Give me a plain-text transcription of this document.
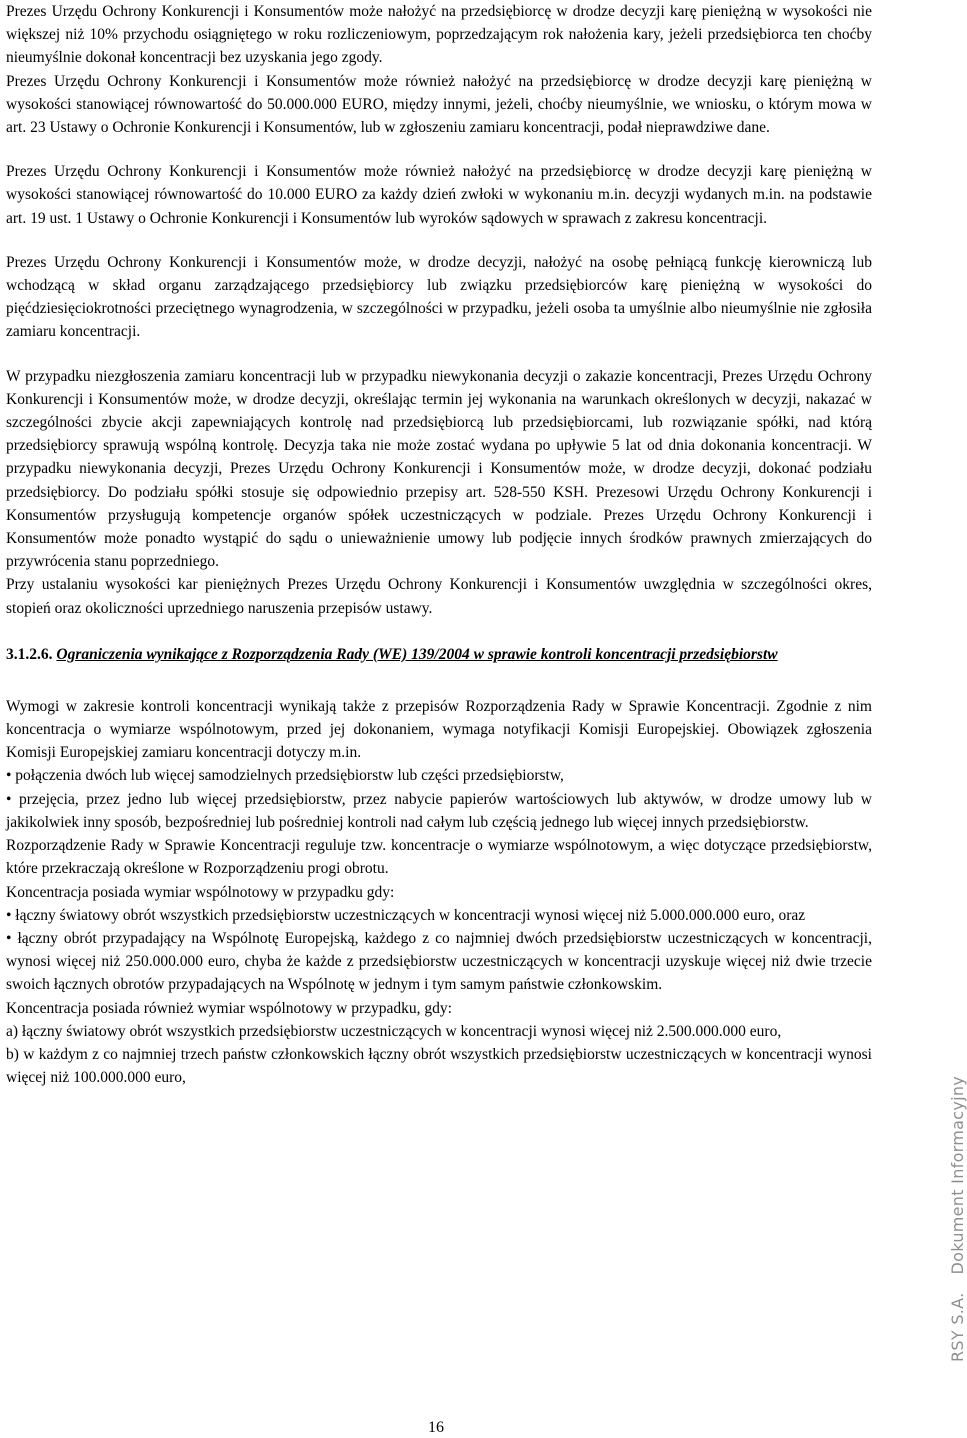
Prezes Urzędu Ochrony Konkurencji i Konsumentów może nałożyć na przedsiębiorcę w drodze decyzji karę pieniężną w wysokości nie większej niż 10% przychodu osiągniętego w roku rozliczeniowym, poprzedzającym rok nałożenia kary, jeżeli przedsiębiorca ten choćby nieumyślnie dokonał koncentracji bez uzyskania jego zgody.

Prezes Urzędu Ochrony Konkurencji i Konsumentów może również nałożyć na przedsiębiorcę w drodze decyzji karę pieniężną w wysokości stanowiącej równowartość do 50.000.000 EURO, między innymi, jeżeli, choćby nieumyślnie, we wniosku, o którym mowa w art. 23 Ustawy o Ochronie Konkurencji i Konsumentów, lub w zgłoszeniu zamiaru koncentracji, podał nieprawdziwe dane.

Prezes Urzędu Ochrony Konkurencji i Konsumentów może również nałożyć na przedsiębiorcę w drodze decyzji karę pieniężną w wysokości stanowiącej równowartość do 10.000 EURO za każdy dzień zwłoki w wykonaniu m.in. decyzji wydanych m.in. na podstawie art. 19 ust. 1 Ustawy o Ochronie Konkurencji i Konsumentów lub wyroków sądowych w sprawach z zakresu koncentracji.

Prezes Urzędu Ochrony Konkurencji i Konsumentów może, w drodze decyzji, nałożyć na osobę pełniącą funkcję kierowniczą lub wchodzącą w skład organu zarządzającego przedsiębiorcy lub związku przedsiębiorców karę pieniężną w wysokości do pięćdziesięciokrotności przeciętnego wynagrodzenia, w szczególności w przypadku, jeżeli osoba ta umyślnie albo nieumyślnie nie zgłosiła zamiaru koncentracji.

W przypadku niezgłoszenia zamiaru koncentracji lub w przypadku niewykonania decyzji o zakazie koncentracji, Prezes Urzędu Ochrony Konkurencji i Konsumentów może, w drodze decyzji, określając termin jej wykonania na warunkach określonych w decyzji, nakazać w szczególności zbycie akcji zapewniających kontrolę nad przedsiębiorcą lub przedsiębiorcami, lub rozwiązanie spółki, nad którą przedsiębiorcy sprawują wspólną kontrolę. Decyzja taka nie może zostać wydana po upływie 5 lat od dnia dokonania koncentracji. W przypadku niewykonania decyzji, Prezes Urzędu Ochrony Konkurencji i Konsumentów może, w drodze decyzji, dokonać podziału przedsiębiorcy. Do podziału spółki stosuje się odpowiednio przepisy art. 528-550 KSH. Prezesowi Urzędu Ochrony Konkurencji i Konsumentów przysługują kompetencje organów spółek uczestniczących w podziale. Prezes Urzędu Ochrony Konkurencji i Konsumentów może ponadto wystąpić do sądu o unieważnienie umowy lub podjęcie innych środków prawnych zmierzających do przywrócenia stanu poprzedniego.

Przy ustalaniu wysokości kar pieniężnych Prezes Urzędu Ochrony Konkurencji i Konsumentów uwzględnia w szczególności okres, stopień oraz okoliczności uprzedniego naruszenia przepisów ustawy.

3.1.2.6. Ograniczenia wynikające z Rozporządzenia Rady (WE) 139/2004 w sprawie kontroli koncentracji przedsiębiorstw

Wymogi w zakresie kontroli koncentracji wynikają także z przepisów Rozporządzenia Rady w Sprawie Koncentracji. Zgodnie z nim koncentracja o wymiarze wspólnotowym, przed jej dokonaniem, wymaga notyfikacji Komisji Europejskiej. Obowiązek zgłoszenia Komisji Europejskiej zamiaru koncentracji dotyczy m.in.

• połączenia dwóch lub więcej samodzielnych przedsiębiorstw lub części przedsiębiorstw,

• przejęcia, przez jedno lub więcej przedsiębiorstw, przez nabycie papierów wartościowych lub aktywów, w drodze umowy lub w jakikolwiek inny sposób, bezpośredniej lub pośredniej kontroli nad całym lub częścią jednego lub więcej innych przedsiębiorstw.

Rozporządzenie Rady w Sprawie Koncentracji reguluje tzw. koncentracje o wymiarze wspólnotowym, a więc dotyczące przedsiębiorstw, które przekraczają określone w Rozporządzeniu progi obrotu.

Koncentracja posiada wymiar wspólnotowy w przypadku gdy:

• łączny światowy obrót wszystkich przedsiębiorstw uczestniczących w koncentracji wynosi więcej niż 5.000.000.000 euro, oraz

• łączny obrót przypadający na Wspólnotę Europejską, każdego z co najmniej dwóch przedsiębiorstw uczestniczących w koncentracji, wynosi więcej niż 250.000.000 euro, chyba że każde z przedsiębiorstw uczestniczących w koncentracji uzyskuje więcej niż dwie trzecie swoich łącznych obrotów przypadających na Wspólnotę w jednym i tym samym państwie członkowskim.

Koncentracja posiada również wymiar wspólnotowy w przypadku, gdy:

a) łączny światowy obrót wszystkich przedsiębiorstw uczestniczących w koncentracji wynosi więcej niż 2.500.000.000 euro,

b) w każdym z co najmniej trzech państw członkowskich łączny obrót wszystkich przedsiębiorstw uczestniczących w koncentracji wynosi więcej niż 100.000.000 euro,

RSY S.A.Dokument Informacyjny
16
